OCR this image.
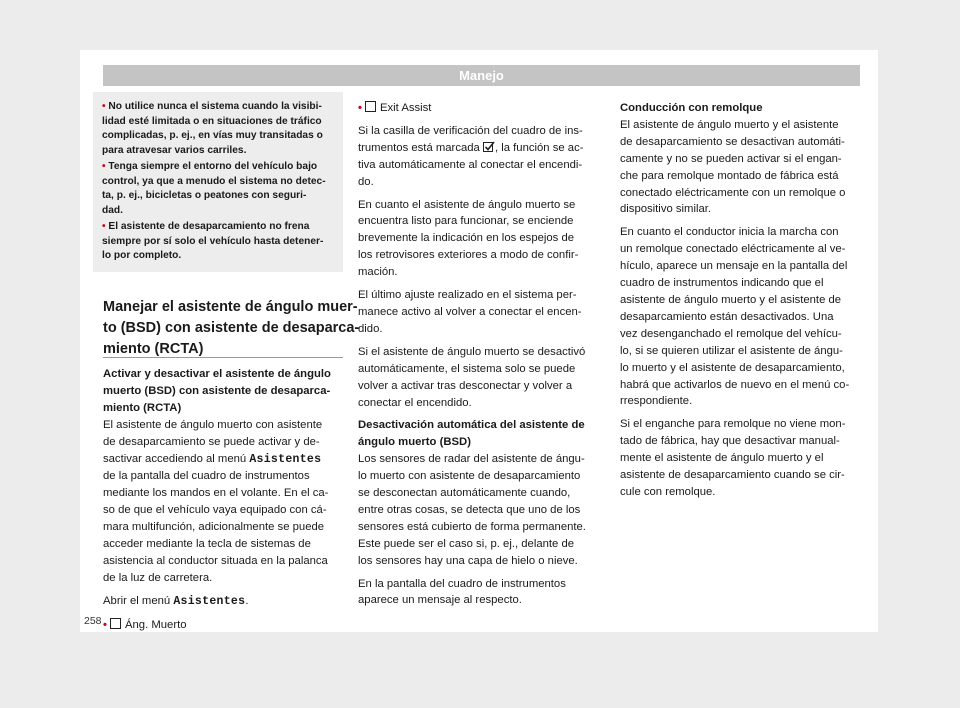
Manejo
• No utilice nunca el sistema cuando la visibi-
lidad esté limitada o en situaciones de tráfico
complicadas, p. ej., en vías muy transitadas o
para atravesar varios carriles.
• Tenga siempre el entorno del vehículo bajo
control, ya que a menudo el sistema no detec-
ta, p. ej., bicicletas o peatones con seguri-
dad.
• El asistente de desaparcamiento no frena
siempre por sí solo el vehículo hasta detener-
lo por completo.
Manejar el asistente de ángulo muer-
to (BSD) con asistente de desaparca-
miento (RCTA)
Activar y desactivar el asistente de ángulo
muerto (BSD) con asistente de desaparca-
miento (RCTA)
El asistente de ángulo muerto con asistente
de desaparcamiento se puede activar y de-
sactivar accediendo al menú Asistentes
de la pantalla del cuadro de instrumentos
mediante los mandos en el volante. En el ca-
so de que el vehículo vaya equipado con cá-
mara multifunción, adicionalmente se puede
acceder mediante la tecla de sistemas de
asistencia al conductor situada en la palanca
de la luz de carretera.
Abrir el menú Asistentes.
• Áng. Muerto
• Exit Assist
Si la casilla de verificación del cuadro de ins-
trumentos está marcada , la función se ac-
tiva automáticamente al conectar el encendi-
do.
En cuanto el asistente de ángulo muerto se
encuentra listo para funcionar, se enciende
brevemente la indicación en los espejos de
los retrovisores exteriores a modo de confir-
mación.
El último ajuste realizado en el sistema per-
manece activo al volver a conectar el encen-
dido.
Si el asistente de ángulo muerto se desactivó
automáticamente, el sistema solo se puede
volver a activar tras desconectar y volver a
conectar el encendido.
Desactivación automática del asistente de
ángulo muerto (BSD)
Los sensores de radar del asistente de ángu-
lo muerto con asistente de desaparcamiento
se desconectan automáticamente cuando,
entre otras cosas, se detecta que uno de los
sensores está cubierto de forma permanente.
Este puede ser el caso si, p. ej., delante de
los sensores hay una capa de hielo o nieve.
En la pantalla del cuadro de instrumentos
aparece un mensaje al respecto.
Conducción con remolque
El asistente de ángulo muerto y el asistente
de desaparcamiento se desactivan automáti-
camente y no se pueden activar si el engan-
che para remolque montado de fábrica está
conectado eléctricamente con un remolque o
dispositivo similar.
En cuanto el conductor inicia la marcha con
un remolque conectado eléctricamente al ve-
hículo, aparece un mensaje en la pantalla del
cuadro de instrumentos indicando que el
asistente de ángulo muerto y el asistente de
desaparcamiento están desactivados. Una
vez desenganchado el remolque del vehícu-
lo, si se quieren utilizar el asistente de ángu-
lo muerto y el asistente de desaparcamiento,
habrá que activarlos de nuevo en el menú co-
rrespondiente.
Si el enganche para remolque no viene mon-
tado de fábrica, hay que desactivar manual-
mente el asistente de ángulo muerto y el
asistente de desaparcamiento cuando se cir-
cule con remolque.
258
